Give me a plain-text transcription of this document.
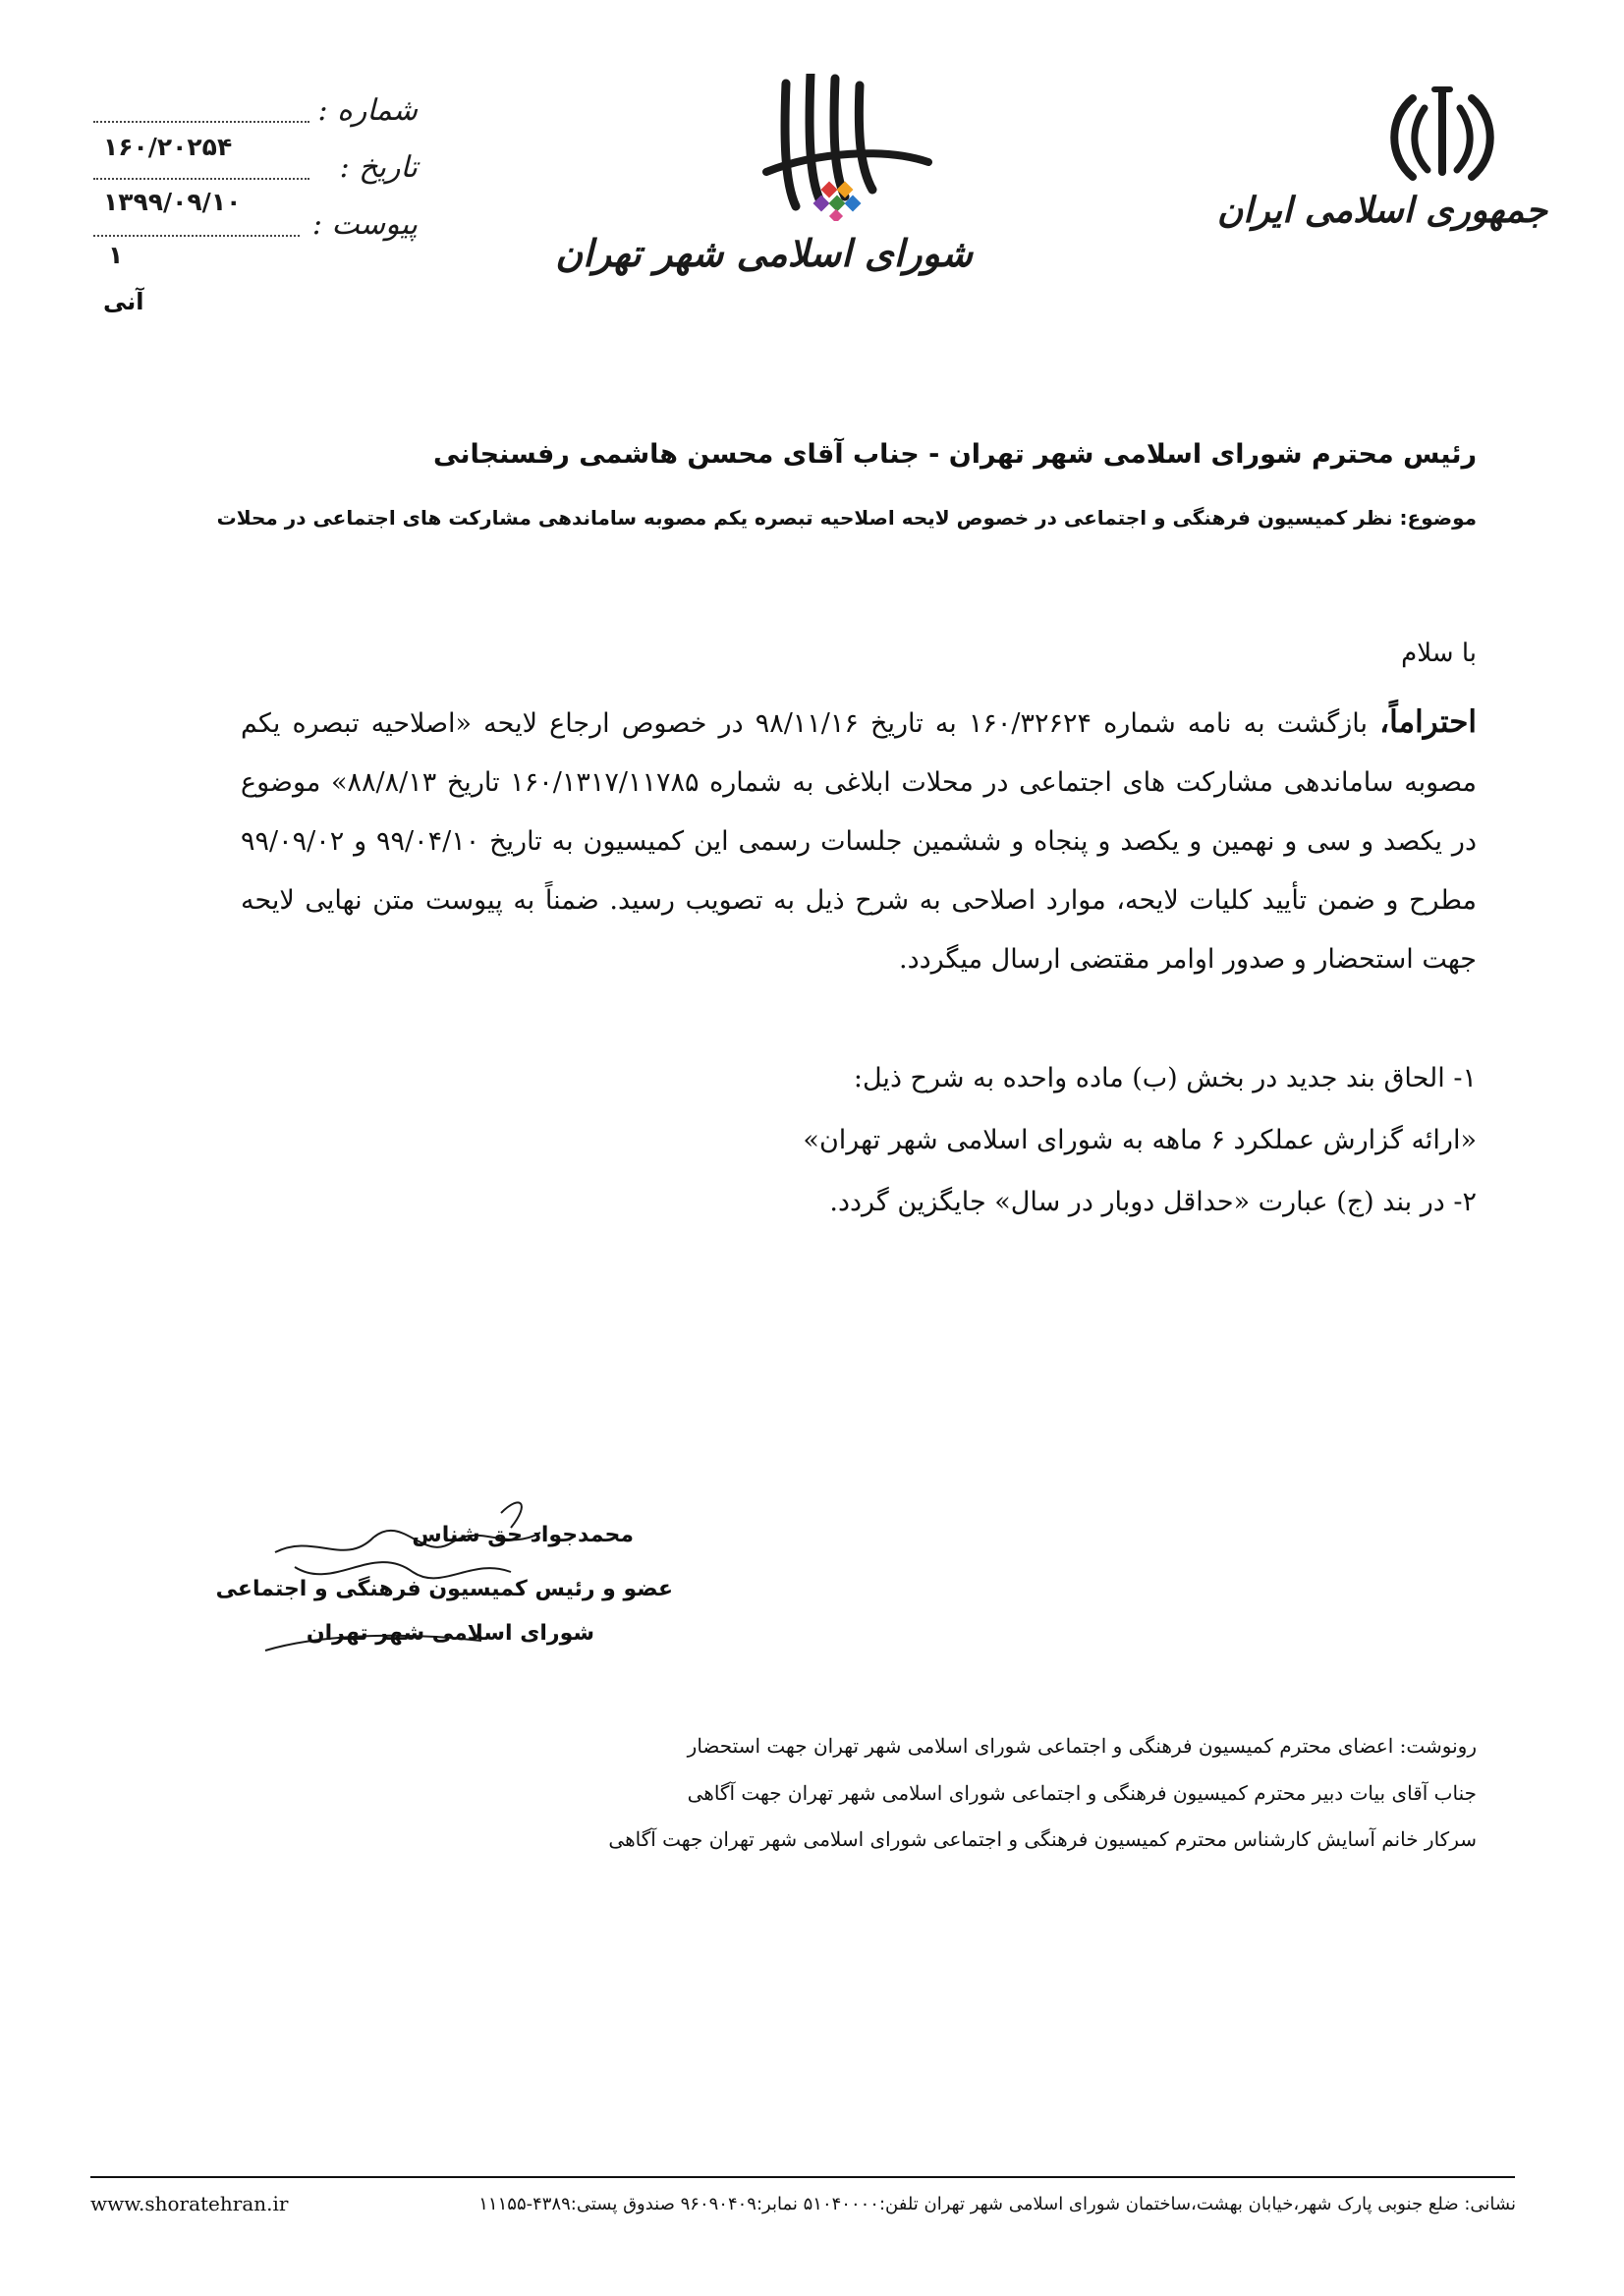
شماره :
۱۶۰/۲۰۲۵۴
تاریخ :
۱۳۹۹/۰۹/۱۰
پیوست :
۱
آنی
شورای اسلامی شهر تهران
جمهوری اسلامی ایران
رئیس محترم شورای اسلامی شهر تهران - جناب آقای محسن هاشمی رفسنجانی
موضوع: نظر کمیسیون فرهنگی و اجتماعی در خصوص لایحه اصلاحیه تبصره یکم مصوبه ساماندهی مشارکت های اجتماعی در محلات
با سلام
احتراماً، بازگشت به نامه شماره ۱۶۰/۳۲۶۲۴ به تاریخ ۹۸/۱۱/۱۶ در خصوص ارجاع لایحه «اصلاحیه تبصره یکم مصوبه ساماندهی مشارکت های اجتماعی در محلات ابلاغی به شماره ۱۶۰/۱۳۱۷/۱۱۷۸۵ تاریخ ۸۸/۸/۱۳» موضوع در یکصد و سی و نهمین و یکصد و پنجاه و ششمین جلسات رسمی این کمیسیون به تاریخ ۹۹/۰۴/۱۰ و ۹۹/۰۹/۰۲ مطرح و ضمن تأیید کلیات لایحه، موارد اصلاحی به شرح ذیل به تصویب رسید. ضمناً به پیوست متن نهایی لایحه جهت استحضار و صدور اوامر مقتضی ارسال میگردد.
۱- الحاق بند جدید در بخش (ب) ماده واحده به شرح ذیل:
«ارائه گزارش عملکرد ۶ ماهه به شورای اسلامی شهر تهران»
۲- در بند (ج) عبارت «حداقل دوبار در سال» جایگزین گردد.
محمدجواد حق شناس
عضو و رئیس کمیسیون فرهنگی و اجتماعی
شورای اسلامی شهر تهران
رونوشت: اعضای محترم کمیسیون فرهنگی و اجتماعی شورای اسلامی شهر تهران جهت استحضار
جناب آقای بیات دبیر محترم کمیسیون فرهنگی و اجتماعی شورای اسلامی شهر تهران جهت آگاهی
سرکار خانم آسایش کارشناس محترم کمیسیون فرهنگی و اجتماعی شورای اسلامی شهر تهران جهت آگاهی
نشانی: ضلع جنوبی پارک شهر،خیابان بهشت،ساختمان شورای اسلامی شهر تهران تلفن:۵۱۰۴۰۰۰۰ نمابر:۹۶۰۹۰۴۰۹ صندوق پستی:۴۳۸۹-۱۱۱۵۵
www.shoratehran.ir
